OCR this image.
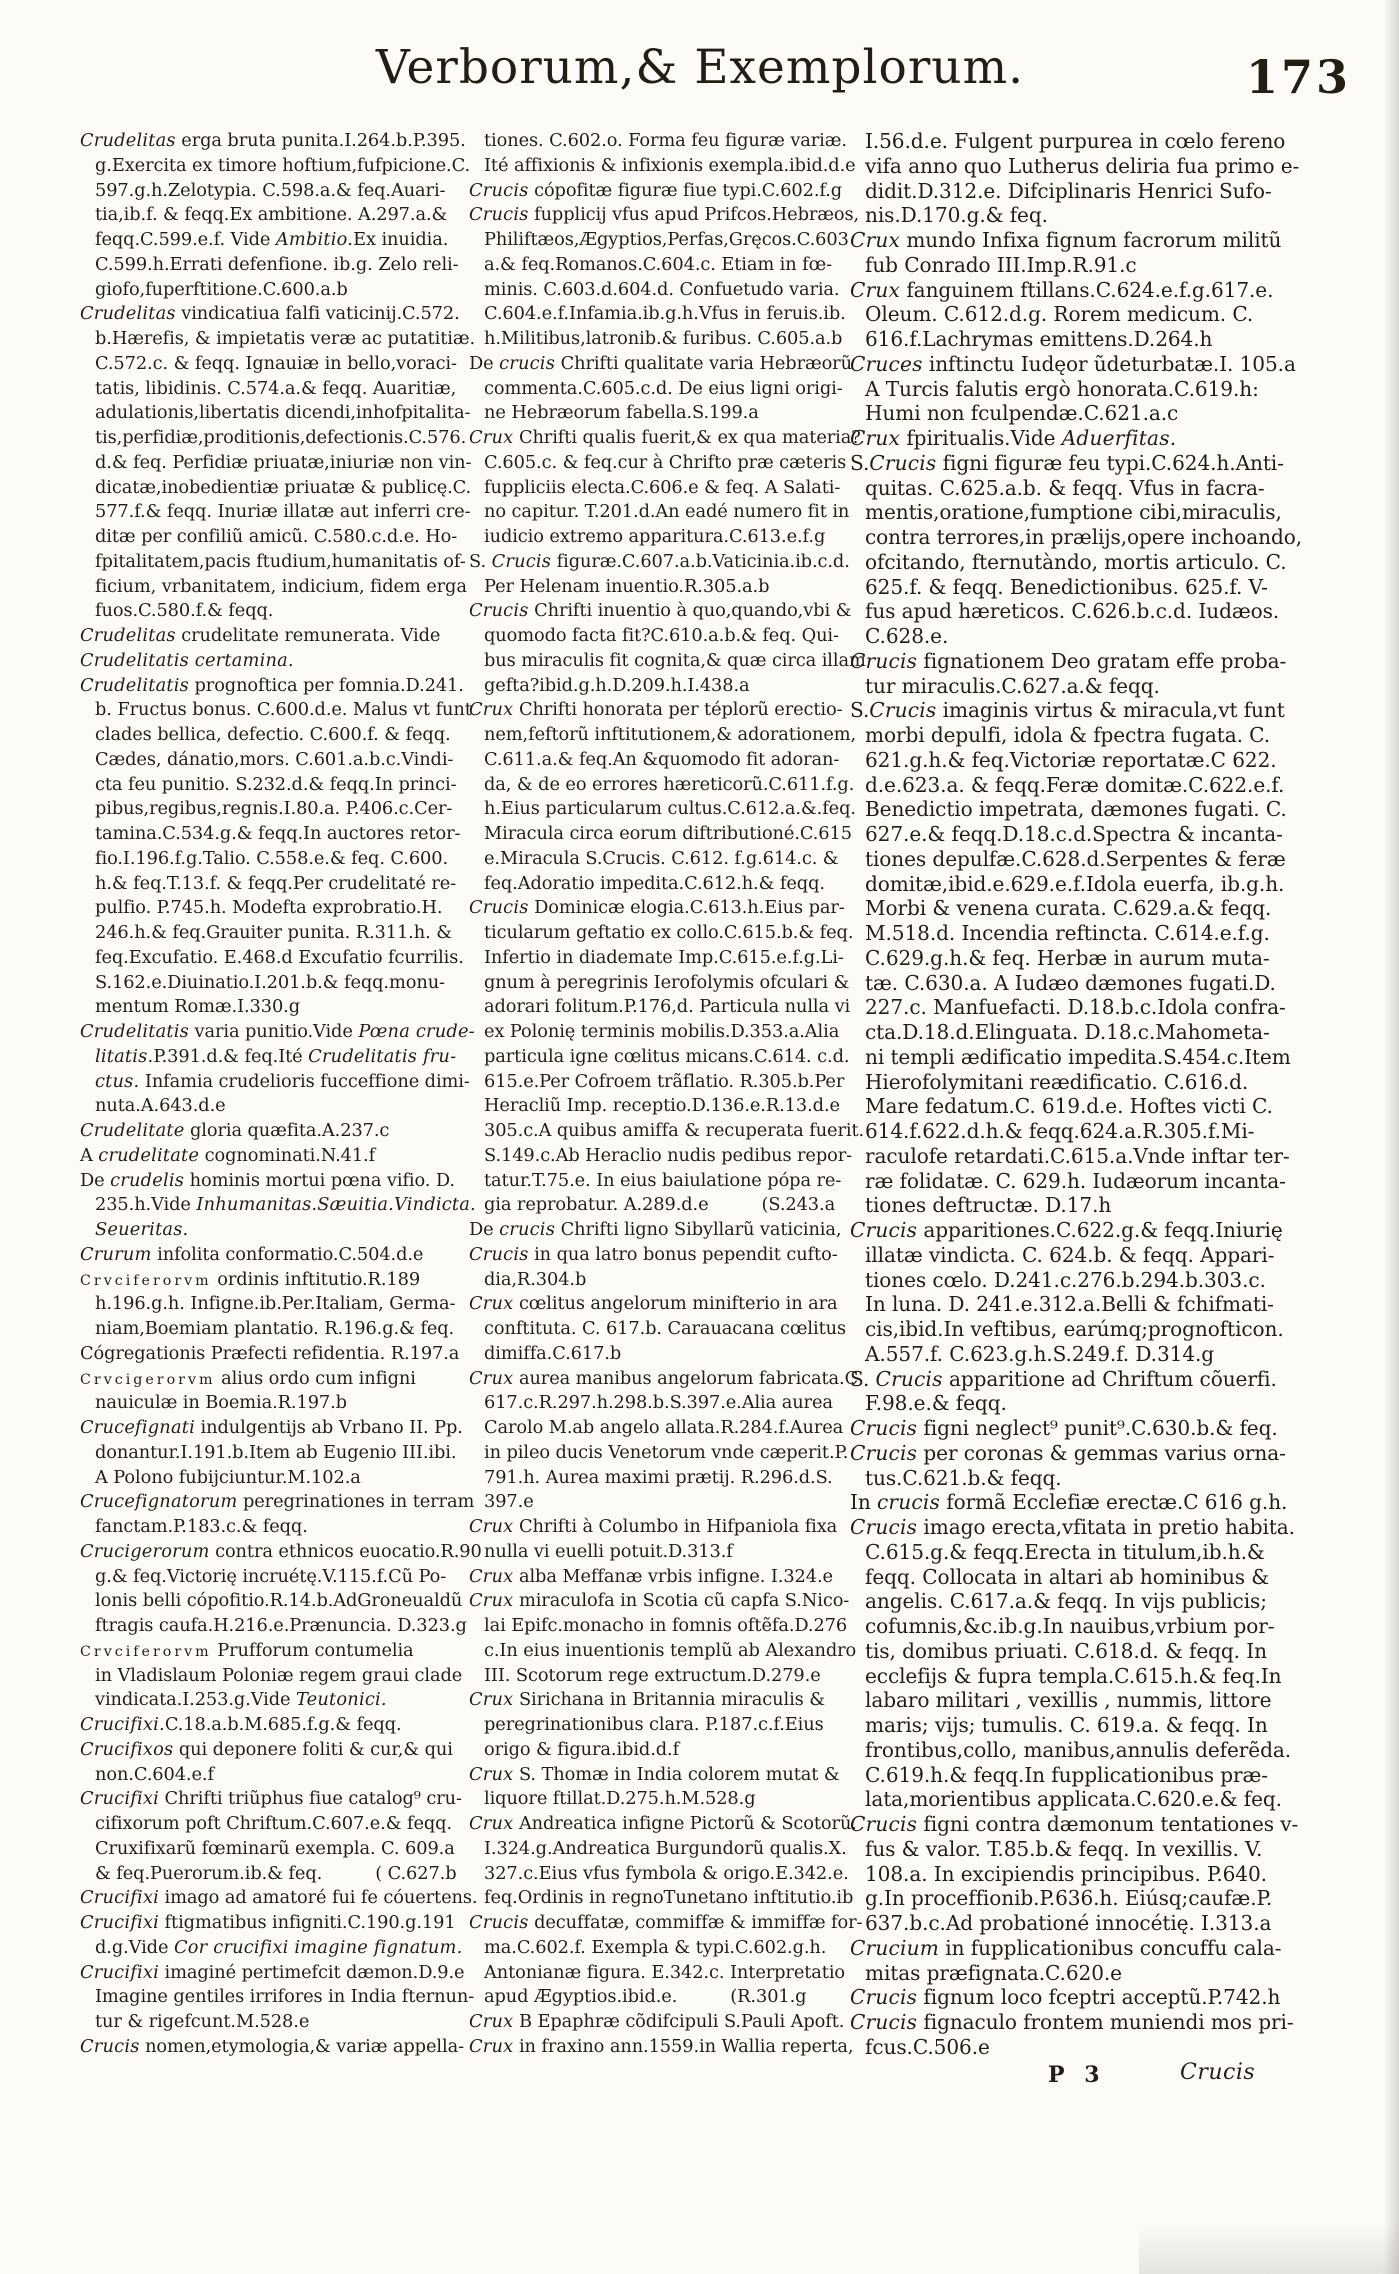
Verborum,& Exemplorum.	173
Crudelitas erga bruta punita.I.264.b.P.395.
g.Exercita ex timore hoftium,fufpicione.C.
597.g.h.Zelotypia. C.598.a.& feq.Auari-
tia,ib.f. & feqq.Ex ambitione. A.297.a.&
feqq.C.599.e.f. Vide Ambitio.Ex inuidia.
C.599.h.Errati defenfione. ib.g. Zelo reli-
giofo,fuperftitione.C.600.a.b
Crudelitas vindicatiua falfi vaticinij.C.572.
b.Hærefis, & impietatis veræ ac putatitiæ.
C.572.c. & feqq. Ignauiæ in bello,voraci-
tatis, libidinis. C.574.a.& feqq. Auaritiæ,
adulationis,libertatis dicendi,inhofpitalita-
tis,perfidiæ,proditionis,defectionis.C.576.
d.& feq. Perfidiæ priuatæ,iniuriæ non vin-
dicatæ,inobedientiæ priuatæ & publicę.C.
577.f.& feqq. Inuriæ illatæ aut inferri cre-
ditæ per confiliũ amicũ. C.580.c.d.e. Ho-
fpitalitatem,pacis ftudium,humanitatis of-
ficium, vrbanitatem, indicium, fidem erga
fuos.C.580.f.& feqq.
Crudelitas crudelitate remunerata. Vide
Crudelitatis certamina.
Crudelitatis prognoftica per fomnia.D.241.
b. Fructus bonus. C.600.d.e. Malus vt funt
clades bellica, defectio. C.600.f. & feqq.
Cædes, dánatio,mors. C.601.a.b.c.Vindi-
cta feu punitio. S.232.d.& feqq.In princi-
pibus,regibus,regnis.I.80.a. P.406.c.Cer-
tamina.C.534.g.& feqq.In auctores retor-
fio.I.196.f.g.Talio. C.558.e.& feq. C.600.
h.& feq.T.13.f. & feqq.Per crudelitaté re-
pulfio. P.745.h. Modefta exprobratio.H.
246.h.& feq.Grauiter punita. R.311.h. &
feq.Excufatio. E.468.d Excufatio fcurrilis.
S.162.e.Diuinatio.I.201.b.& feqq.monu-
mentum Romæ.I.330.g
Crudelitatis varia punitio.Vide Pœna crude-
litatis.P.391.d.& feq.Ité Crudelitatis fru-
ctus. Infamia crudelioris fucceffione dimi-
nuta.A.643.d.e
Crudelitate gloria quæfita.A.237.c
A crudelitate cognominati.N.41.f
De crudelis hominis mortui pœna vifio. D.
235.h.Vide Inhumanitas.Sæuitia.Vindicta.
Seueritas.
Crurum infolita conformatio.C.504.d.e
Crvciferorvm ordinis inftitutio.R.189
h.196.g.h. Infigne.ib.Per.Italiam, Germa-
niam,Boemiam plantatio. R.196.g.& feq.
Cógregationis Præfecti refidentia. R.197.a
Crvcigerorvm alius ordo cum infigni
nauiculæ in Boemia.R.197.b
Crucefignati indulgentijs ab Vrbano II. Pp.
donantur.I.191.b.Item ab Eugenio III.ibi.
A Polono fubijciuntur.M.102.a
Crucefignatorum peregrinationes in terram
fanctam.P.183.c.& feqq.
Crucigerorum contra ethnicos euocatio.R.90
g.& feq.Victorię incruétę.V.115.f.Cũ Po-
lonis belli cópofitio.R.14.b.AdGroneualdũ
ftragis caufa.H.216.e.Prænuncia. D.323.g
Crvciferorvm Prufforum contumelia
in Vladislaum Poloniæ regem graui clade
vindicata.I.253.g.Vide Teutonici.
Crucifixi.C.18.a.b.M.685.f.g.& feqq.
Crucifixos qui deponere foliti & cur,& qui
non.C.604.e.f
Crucifixi Chrifti triũphus fiue catalog⁹ cru-
cifixorum poft Chriftum.C.607.e.& feqq.
Cruxifixarũ fœminarũ exempla. C. 609.a
& feq.Puerorum.ib.& feq.   ( C.627.b
Crucifixi imago ad amatoré fui fe cóuertens.
Crucifixi ftigmatibus infigniti.C.190.g.191
d.g.Vide Cor crucifixi imagine fignatum.
Crucifixi imaginé pertimefcit dæmon.D.9.e
Imagine gentiles irrifores in India fternun-
tur & rigefcunt.M.528.e
Crucis nomen,etymologia,& variæ appella-
tiones. C.602.o. Forma feu figuræ variæ.
Ité affixionis & infixionis exempla.ibid.d.e
Crucis cópofitæ figuræ fiue typi.C.602.f.g
Crucis fupplicij vfus apud Prifcos.Hebræos,
Philiftæos,Ægyptios,Perfas,Gręcos.C.603
a.& feq.Romanos.C.604.c. Etiam in fœ-
minis. C.603.d.604.d. Confuetudo varia.
C.604.e.f.Infamia.ib.g.h.Vfus in feruis.ib.
h.Militibus,latronib.& furibus. C.605.a.b
De crucis Chrifti qualitate varia Hebræorũ
commenta.C.605.c.d. De eius ligni origi-
ne Hebræorum fabella.S.199.a
Crux Chrifti qualis fuerit,& ex qua materia?
C.605.c. & feq.cur à Chrifto præ cæteris
fuppliciis electa.C.606.e & feq. A Salati-
no capitur. T.201.d.An eadé numero fit in
iudicio extremo apparitura.C.613.e.f.g
S. Crucis figuræ.C.607.a.b.Vaticinia.ib.c.d.
Per Helenam inuentio.R.305.a.b
Crucis Chrifti inuentio à quo,quando,vbi &
quomodo facta fit?C.610.a.b.& feq. Qui-
bus miraculis fit cognita,& quæ circa illam
gefta?ibid.g.h.D.209.h.I.438.a
Crux Chrifti honorata per téplorũ erectio-
nem,feftorũ inftitutionem,& adorationem,
C.611.a.& feq.An &quomodo fit adoran-
da, & de eo errores hæreticorũ.C.611.f.g.
h.Eius particularum cultus.C.612.a.&.feq.
Miracula circa eorum diftributioné.C.615
e.Miracula S.Crucis. C.612. f.g.614.c. &
feq.Adoratio impedita.C.612.h.& feqq.
Crucis Dominicæ elogia.C.613.h.Eius par-
ticularum geftatio ex collo.C.615.b.& feq.
Infertio in diademate Imp.C.615.e.f.g.Li-
gnum à peregrinis Ierofolymis ofculari &
adorari folitum.P.176,d. Particula nulla vi
ex Polonię terminis mobilis.D.353.a.Alia
particula igne cœlitus micans.C.614. c.d.
615.e.Per Cofroem trãflatio. R.305.b.Per
Heracliũ Imp. receptio.D.136.e.R.13.d.e
305.c.A quibus amiffa & recuperata fuerit.
S.149.c.Ab Heraclio nudis pedibus repor-
tatur.T.75.e. In eius baiulatione pópa re-
gia reprobatur. A.289.d.e   (S.243.a
De crucis Chrifti ligno Sibyllarũ vaticinia,
Crucis in qua latro bonus pependit cufto-
dia,R.304.b
Crux cœlitus angelorum minifterio in ara
conftituta. C. 617.b. Carauacana cœlitus
dimiffa.C.617.b
Crux aurea manibus angelorum fabricata.C
617.c.R.297.h.298.b.S.397.e.Alia aurea
Carolo M.ab angelo allata.R.284.f.Aurea
in pileo ducis Venetorum vnde cæperit.P.
791.h. Aurea maximi prætij. R.296.d.S.
397.e
Crux Chrifti à Columbo in Hifpaniola fixa
nulla vi euelli potuit.D.313.f
Crux alba Meffanæ vrbis infigne. I.324.e
Crux miraculofa in Scotia cũ capfa S.Nico-
lai Epifc.monacho in fomnis oftẽfa.D.276
c.In eius inuentionis templũ ab Alexandro
III. Scotorum rege extructum.D.279.e
Crux Sirichana in Britannia miraculis &
peregrinationibus clara. P.187.c.f.Eius
origo & figura.ibid.d.f
Crux S. Thomæ in India colorem mutat &
liquore ftillat.D.275.h.M.528.g
Crux Andreatica infigne Pictorũ & Scotorũ.
I.324.g.Andreatica Burgundorũ qualis.X.
327.c.Eius vfus fymbola & origo.E.342.e.
feq.Ordinis in regnoTunetano inftitutio.ib
Crucis decuffatæ, commiffæ & immiffæ for-
ma.C.602.f. Exempla & typi.C.602.g.h.
Antonianæ figura. E.342.c. Interpretatio
apud Ægyptios.ibid.e.   (R.301.g
Crux B Epaphræ cõdifcipuli S.Pauli Apoft.
Crux in fraxino ann.1559.in Wallia reperta,
I.56.d.e. Fulgent purpurea in cœlo fereno
vifa anno quo Lutherus deliria fua primo e-
didit.D.312.e. Difciplinaris Henrici Sufo-
nis.D.170.g.& feq.
Crux mundo Infixa fignum facrorum militũ
fub Conrado III.Imp.R.91.c
Crux fanguinem ftillans.C.624.e.f.g.617.e.
Oleum. C.612.d.g. Rorem medicum. C.
616.f.Lachrymas emittens.D.264.h
Cruces inftinctu Iudęor ũdeturbatæ.I. 105.a
A Turcis falutis ergò honorata.C.619.h:
Humi non fculpendæ.C.621.a.c
Crux fpiritualis.Vide Aduerfitas.
S.Crucis figni figuræ feu typi.C.624.h.Anti-
quitas. C.625.a.b. & feqq. Vfus in facra-
mentis,oratione,fumptione cibi,miraculis,
contra terrores,in prælijs,opere inchoando,
ofcitando, fternutàndo, mortis articulo. C.
625.f. & feqq. Benedictionibus. 625.f. V-
fus apud hæreticos. C.626.b.c.d. Iudæos.
C.628.e.
Crucis fignationem Deo gratam effe proba-
tur miraculis.C.627.a.& feqq.
S.Crucis imaginis virtus & miracula,vt funt
morbi depulfi, idola & fpectra fugata. C.
621.g.h.& feq.Victoriæ reportatæ.C 622.
d.e.623.a. & feqq.Feræ domitæ.C.622.e.f.
Benedictio impetrata, dæmones fugati. C.
627.e.& feqq.D.18.c.d.Spectra & incanta-
tiones depulfæ.C.628.d.Serpentes & feræ
domitæ,ibid.e.629.e.f.Idola euerfa, ib.g.h.
Morbi & venena curata. C.629.a.& feqq.
M.518.d. Incendia reftincta. C.614.e.f.g.
C.629.g.h.& feq. Herbæ in aurum muta-
tæ. C.630.a. A Iudæo dæmones fugati.D.
227.c. Manfuefacti. D.18.b.c.Idola confra-
cta.D.18.d.Elinguata. D.18.c.Mahometa-
ni templi ædificatio impedita.S.454.c.Item
Hierofolymitani reædificatio. C.616.d.
Mare fedatum.C. 619.d.e. Hoftes victi C.
614.f.622.d.h.& feqq.624.a.R.305.f.Mi-
raculofe retardati.C.615.a.Vnde inftar ter-
ræ folidatæ. C. 629.h. Iudæorum incanta-
tiones deftructæ. D.17.h
Crucis apparitiones.C.622.g.& feqq.Iniurię
illatæ vindicta. C. 624.b. & feqq. Appari-
tiones cœlo. D.241.c.276.b.294.b.303.c.
In luna. D. 241.e.312.a.Belli & fchifmati-
cis,ibid.In veftibus, earúmq;prognofticon.
A.557.f. C.623.g.h.S.249.f. D.314.g
S. Crucis apparitione ad Chriftum cõuerfi.
F.98.e.& feqq.
Crucis figni neglect⁹ punit⁹.C.630.b.& feq.
Crucis per coronas & gemmas varius orna-
tus.C.621.b.& feqq.
In crucis formã Ecclefiæ erectæ.C 616 g.h.
Crucis imago erecta,vfitata in pretio habita.
C.615.g.& feqq.Erecta in titulum,ib.h.&
feqq. Collocata in altari ab hominibus &
angelis. C.617.a.& feqq. In vijs publicis;
cofumnis,&c.ib.g.In nauibus,vrbium por-
tis, domibus priuati. C.618.d. & feqq. In
ecclefijs & fupra templa.C.615.h.& feq.In
labaro militari , vexillis , nummis, littore
maris; vijs; tumulis. C. 619.a. & feqq. In
frontibus,collo, manibus,annulis deferẽda.
C.619.h.& feqq.In fupplicationibus præ-
lata,morientibus applicata.C.620.e.& feq.
Crucis figni contra dæmonum tentationes v-
fus & valor. T.85.b.& feqq. In vexillis. V.
108.a. In excipiendis principibus. P.640.
g.In proceffionib.P.636.h. Eiúsq;caufæ.P.
637.b.c.Ad probationé innocétię. I.313.a
Crucium in fupplicationibus concuffu cala-
mitas præfignata.C.620.e
Crucis fignum loco fceptri acceptũ.P.742.h
Crucis fignaculo frontem muniendi mos pri-
fcus.C.506.e
P 3	Crucis
